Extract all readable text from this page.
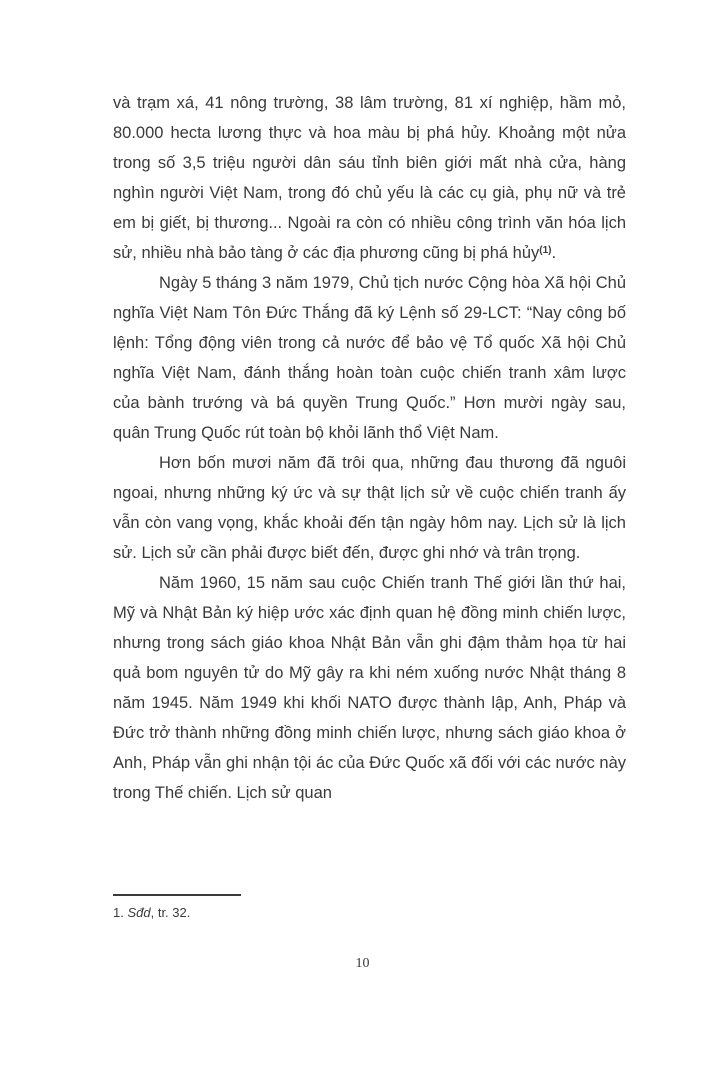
và trạm xá, 41 nông trường, 38 lâm trường, 81 xí nghiệp, hầm mỏ, 80.000 hecta lương thực và hoa màu bị phá hủy. Khoảng một nửa trong số 3,5 triệu người dân sáu tỉnh biên giới mất nhà cửa, hàng nghìn người Việt Nam, trong đó chủ yếu là các cụ già, phụ nữ và trẻ em bị giết, bị thương... Ngoài ra còn có nhiều công trình văn hóa lịch sử, nhiều nhà bảo tàng ở các địa phương cũng bị phá hủy$^{(1)}$.

Ngày 5 tháng 3 năm 1979, Chủ tịch nước Cộng hòa Xã hội Chủ nghĩa Việt Nam Tôn Đức Thắng đã ký Lệnh số 29-LCT: “Nay công bố lệnh: Tổng động viên trong cả nước để bảo vệ Tổ quốc Xã hội Chủ nghĩa Việt Nam, đánh thắng hoàn toàn cuộc chiến tranh xâm lược của bành trướng và bá quyền Trung Quốc.” Hơn mười ngày sau, quân Trung Quốc rút toàn bộ khỏi lãnh thổ Việt Nam.

Hơn bốn mươi năm đã trôi qua, những đau thương đã nguôi ngoai, nhưng những ký ức và sự thật lịch sử về cuộc chiến tranh ấy vẫn còn vang vọng, khắc khoải đến tận ngày hôm nay. Lịch sử là lịch sử. Lịch sử cần phải được biết đến, được ghi nhớ và trân trọng.

Năm 1960, 15 năm sau cuộc Chiến tranh Thế giới lần thứ hai, Mỹ và Nhật Bản ký hiệp ước xác định quan hệ đồng minh chiến lược, nhưng trong sách giáo khoa Nhật Bản vẫn ghi đậm thảm họa từ hai quả bom nguyên tử do Mỹ gây ra khi ném xuống nước Nhật tháng 8 năm 1945. Năm 1949 khi khối NATO được thành lập, Anh, Pháp và Đức trở thành những đồng minh chiến lược, nhưng sách giáo khoa ở Anh, Pháp vẫn ghi nhận tội ác của Đức Quốc xã đối với các nước này trong Thế chiến. Lịch sử quan

1. Sđd, tr. 32.
10
